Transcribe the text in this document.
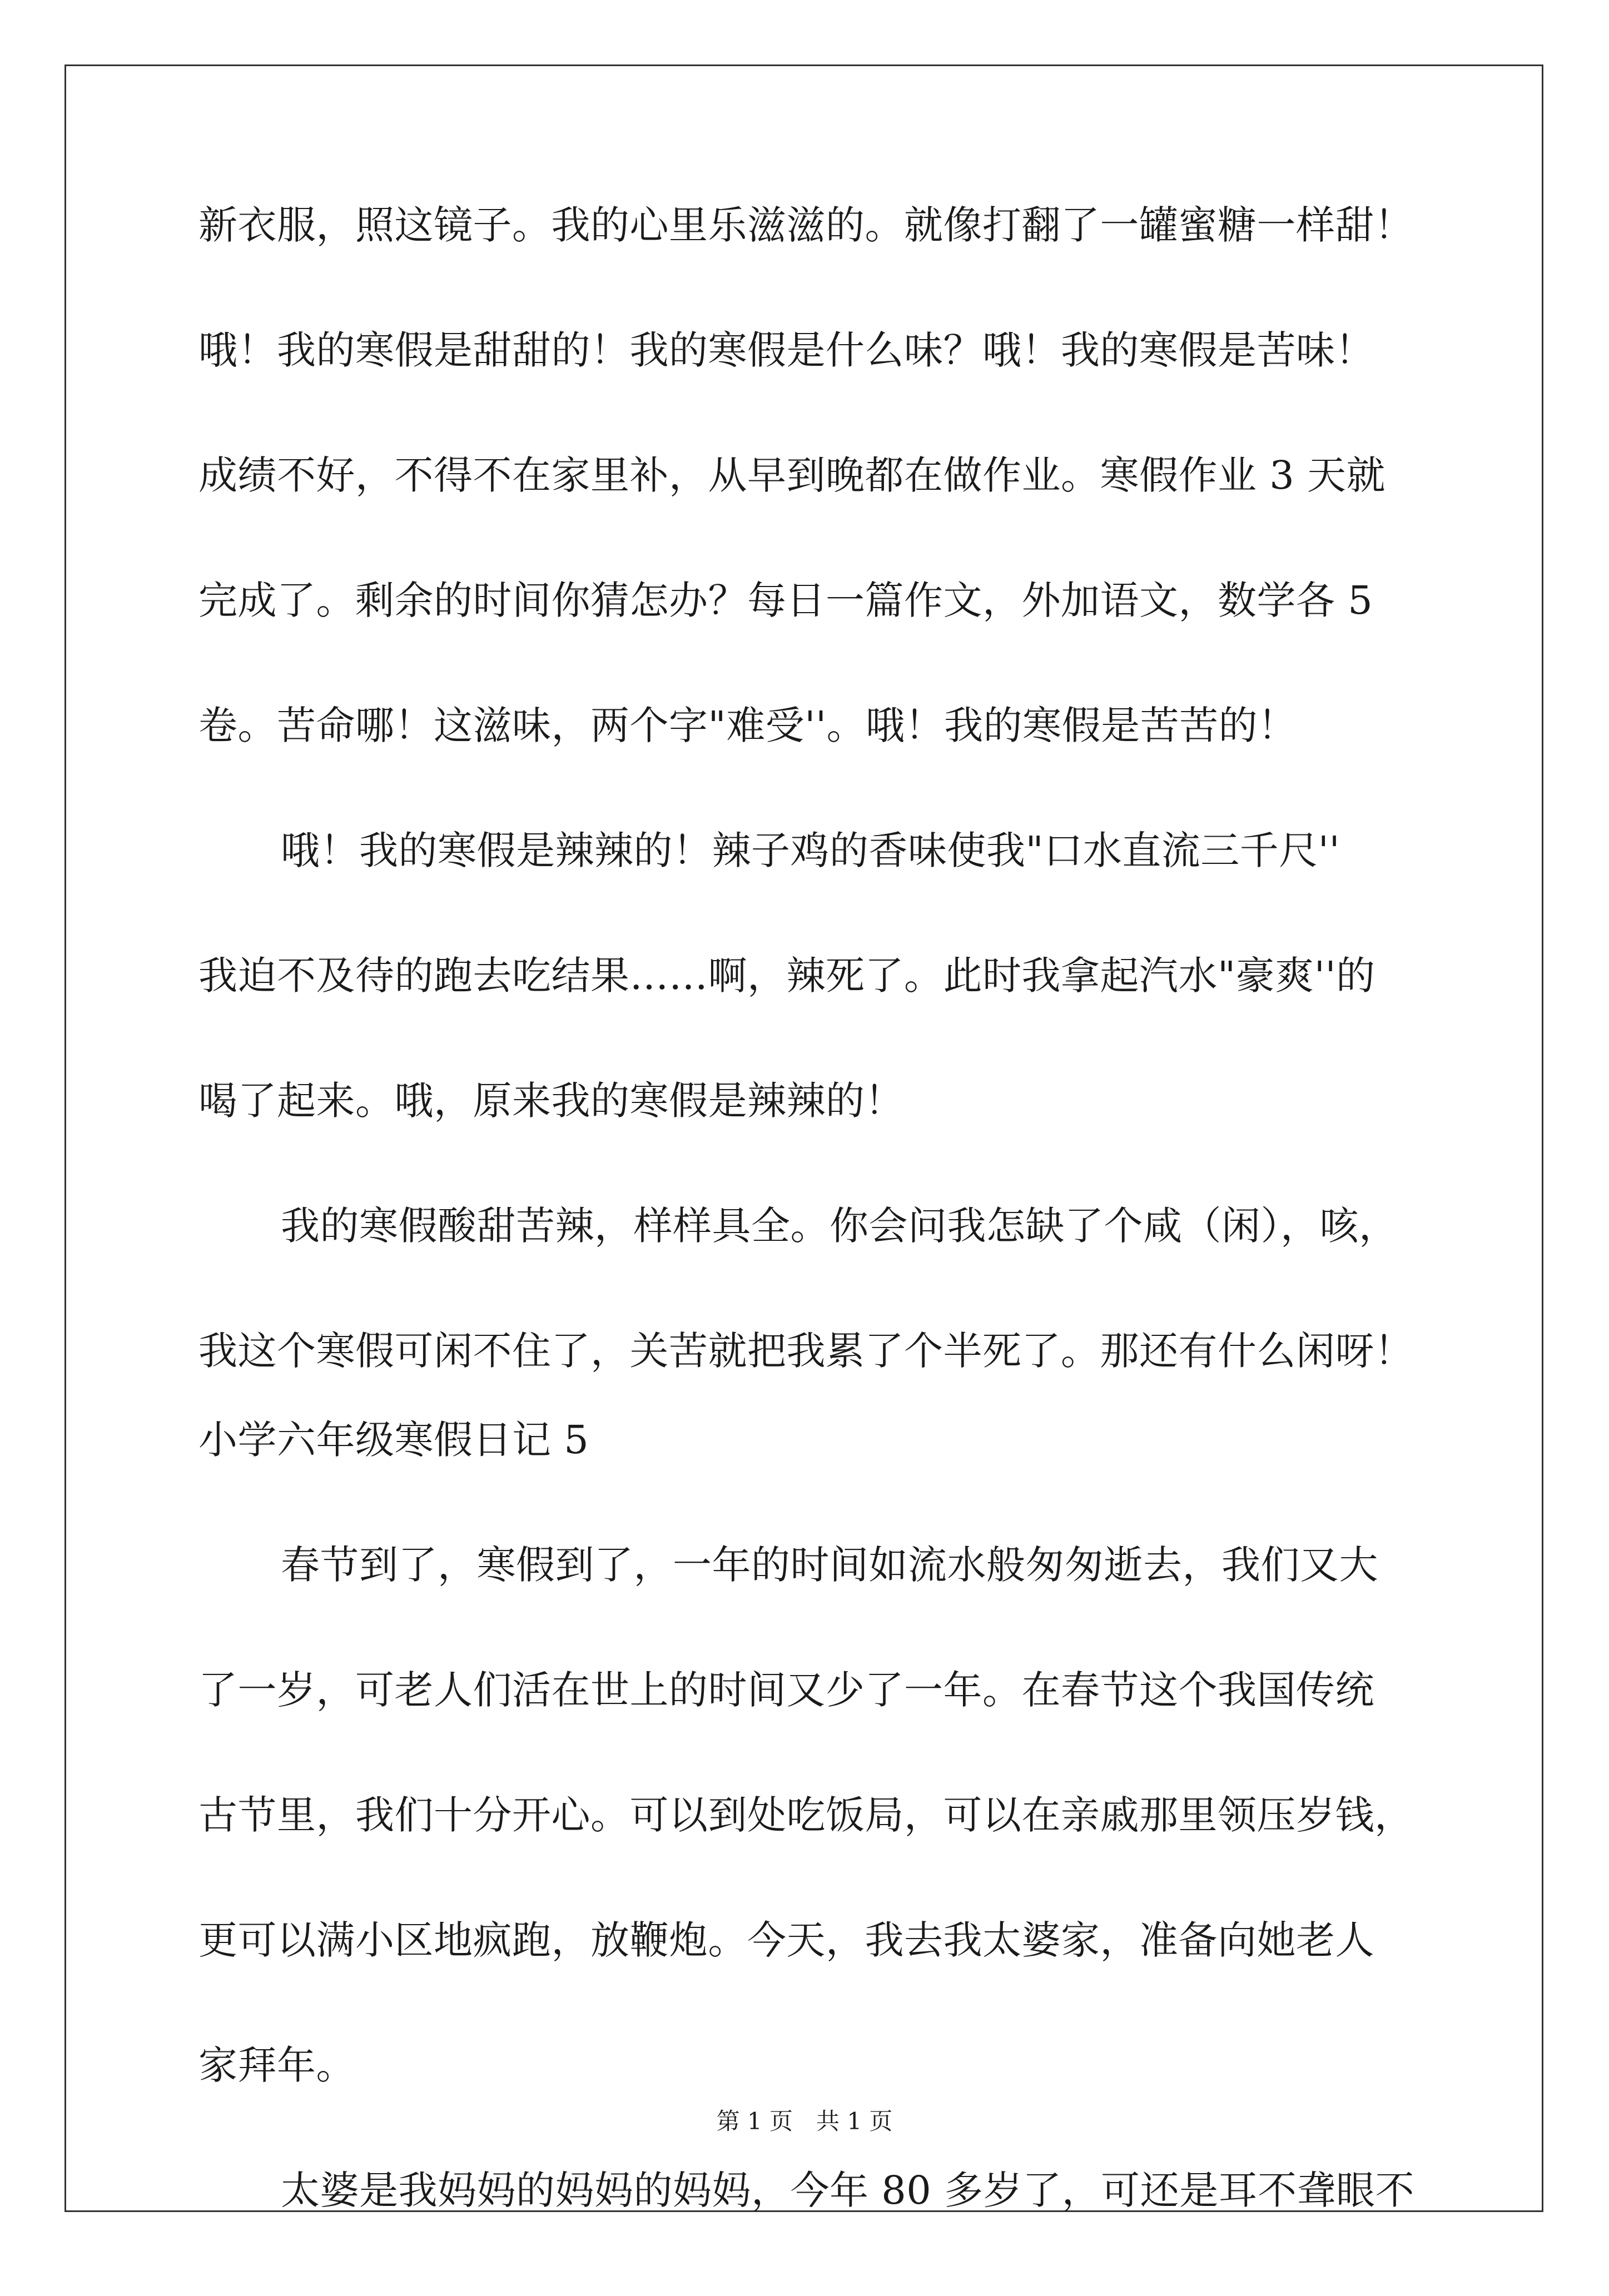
新衣服，照这镜子。我的心里乐滋滋的。就像打翻了一罐蜜糖一样甜！
哦！我的寒假是甜甜的！我的寒假是什么味？哦！我的寒假是苦味！
成绩不好，不得不在家里补，从早到晚都在做作业。寒假作业 3 天就
完成了。剩余的时间你猜怎办？每日一篇作文，外加语文，数学各 5
卷。苦命哪！这滋味，两个字"难受''。哦！我的寒假是苦苦的！
哦！我的寒假是辣辣的！辣子鸡的香味使我"口水直流三千尺''
我迫不及待的跑去吃结果……啊，辣死了。此时我拿起汽水"豪爽''的
喝了起来。哦，原来我的寒假是辣辣的！
我的寒假酸甜苦辣，样样具全。你会问我怎缺了个咸（闲），咳，
我这个寒假可闲不住了，关苦就把我累了个半死了。那还有什么闲呀！
小学六年级寒假日记 5
春节到了，寒假到了，一年的时间如流水般匆匆逝去，我们又大
了一岁，可老人们活在世上的时间又少了一年。在春节这个我国传统
古节里，我们十分开心。可以到处吃饭局，可以在亲戚那里领压岁钱，
更可以满小区地疯跑，放鞭炮。今天，我去我太婆家，准备向她老人
家拜年。
太婆是我妈妈的妈妈的妈妈，今年 80 多岁了，可还是耳不聋眼不
第 1 页　共 1 页
